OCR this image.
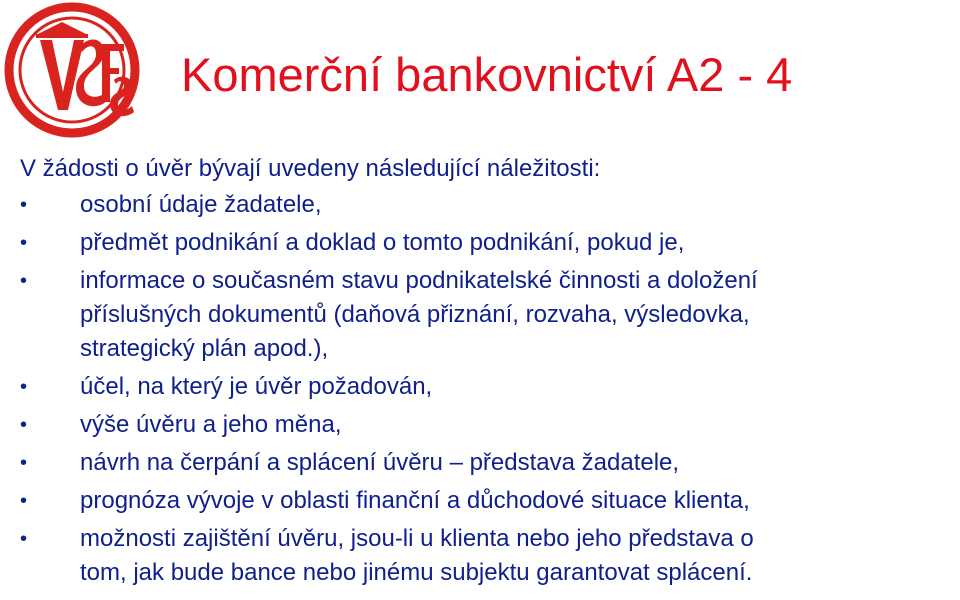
Komerční bankovnictví A2 - 4

V žádosti o úvěr bývají uvedeny následující náležitosti:

•	osobní údaje žadatele,
•	předmět podnikání a doklad o tomto podnikání, pokud je,
•	informace o současném stavu podnikatelské činnosti a doložení
příslušných dokumentů (daňová přiznání, rozvaha, výsledovka,
strategický plán apod.),
•	účel, na který je úvěr požadován,
•	výše úvěru a jeho měna,
•	návrh na čerpání a splácení úvěru – představa žadatele,
•	prognóza vývoje v oblasti finanční a důchodové situace klienta,
•	možnosti zajištění úvěru, jsou-li u klienta nebo jeho představa o
tom, jak bude bance nebo jinému subjektu garantovat splácení.
